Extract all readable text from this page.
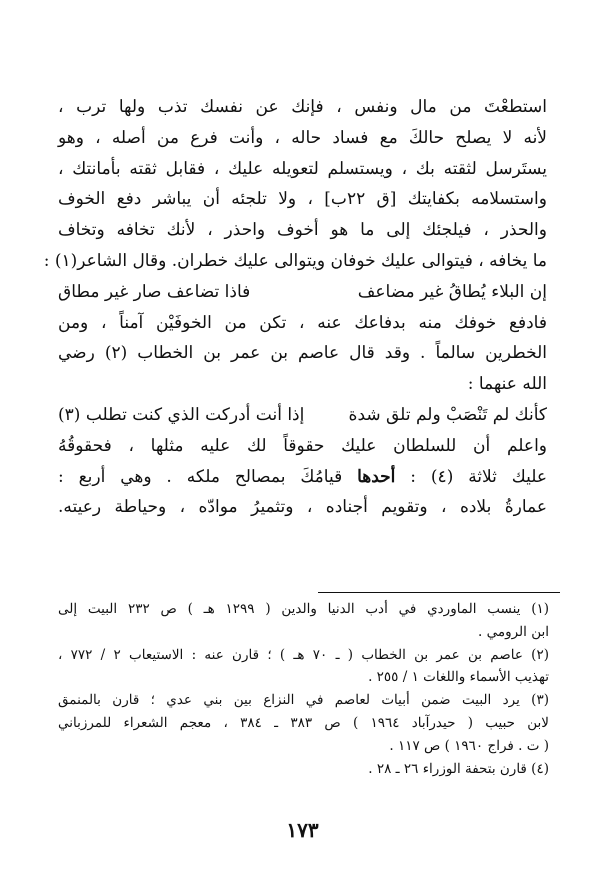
استطعْتَ من مال ونفس ، فإنك عن نفسك تذب ولها ترب ،
لأنه لا يصلح حالكَ مع فساد حاله ، وأنت فرع من أصله ، وهو
يستَرسل لثقته بك ، ويستسلم لتعويله عليك ، فقابل ثقته بأمانتك ،
واستسلامه بكفايتك [ق ٢٢ب] ، ولا تلجئه أن يباشر دفع الخوف
والحذر ، فيلجئك إلى ما هو أخوف واحذر ، لأنك تخافه وتخاف
ما يخافه ، فيتوالى عليك خوفان ويتوالى عليك خطران. وقال الشاعر(١) :
إن البلاء يُطاقُ غير مضاعف
فاذا تضاعف صار غير مطاق
فادفع خوفك منه بدفاعك عنه ، تكن من الخوفَيْن آمناً ، ومن
الخطرين سالماً . وقد قال عاصم بن عمر بن الخطاب (٢) رضي
الله عنهما :
كأنك لم تَنْصَبْ ولم تلق شدة
إذا أنت أدركت الذي كنت تطلب (٣)
واعلم أن للسلطان عليك حقوقاً لك عليه مثلها ، فحقوقُهُ
عليك ثلاثة (٤) : أحدها قيامُكَ بمصالح ملكه . وهي أربع :
عمارةُ بلاده ، وتقويم أجناده ، وتثميرُ موادّه ، وحياطة رعيته.
(١) ينسب الماوردي في أدب الدنيا والدين ( ١٢٩٩ هـ ) ص ٢٣٢ البيت إلى
ابن الرومي .
(٢) عاصم بن عمر بن الخطاب ( ـ ٧٠ هـ ) ؛ قارن عنه : الاستيعاب ٢ / ٧٧٢ ،
تهذيب الأسماء واللغات ١ / ٢٥٥ .
(٣) يرد البيت ضمن أبيات لعاصم في النزاع بين بني عدي ؛ قارن بالمنمق
لابن حبيب ( حيدرآباد ١٩٦٤ ) ص ٣٨٣ ـ ٣٨٤ ، معجم الشعراء للمرزباني
( ت . فراج ١٩٦٠ ) ص ١١٧ .
(٤) قارن بتحفة الوزراء ٢٦ ـ ٢٨ .
١٧٣
